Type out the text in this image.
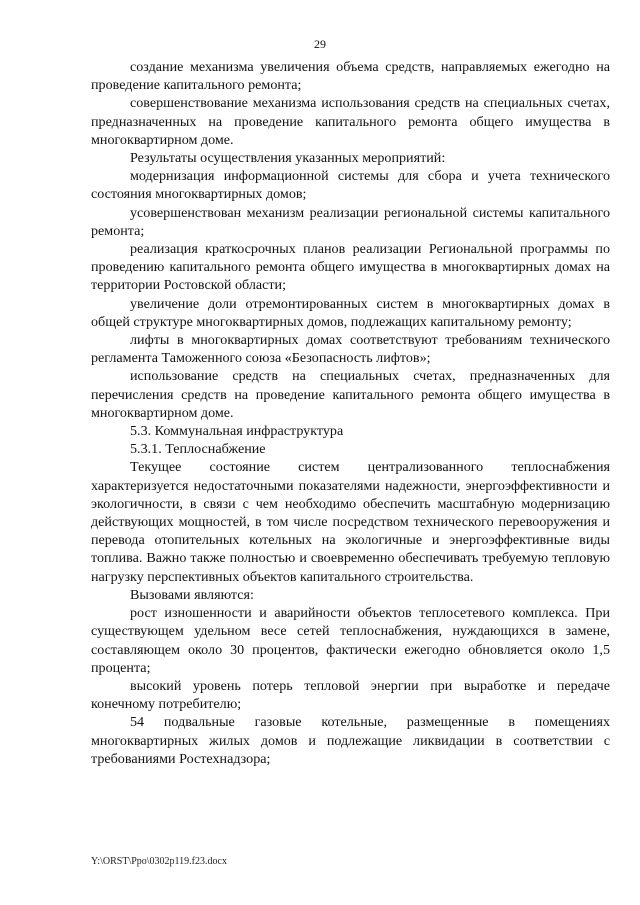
29

создание механизма увеличения объема средств, направляемых ежегодно на проведение капитального ремонта;

совершенствование механизма использования средств на специальных счетах, предназначенных на проведение капитального ремонта общего имущества в многоквартирном доме.

Результаты осуществления указанных мероприятий:

модернизация информационной системы для сбора и учета технического состояния многоквартирных домов;

усовершенствован механизм реализации региональной системы капитального ремонта;

реализация краткосрочных планов реализации Региональной программы по проведению капитального ремонта общего имущества в многоквартирных домах на территории Ростовской области;

увеличение доли отремонтированных систем в многоквартирных домах в общей структуре многоквартирных домов, подлежащих капитальному ремонту;

лифты в многоквартирных домах соответствуют требованиям технического регламента Таможенного союза «Безопасность лифтов»;

использование средств на специальных счетах, предназначенных для перечисления средств на проведение капитального ремонта общего имущества в многоквартирном доме.

5.3. Коммунальная инфраструктура

5.3.1. Теплоснабжение

Текущее состояние систем централизованного теплоснабжения характеризуется недостаточными показателями надежности, энергоэффективности и экологичности, в связи с чем необходимо обеспечить масштабную модернизацию действующих мощностей, в том числе посредством технического перевооружения и перевода отопительных котельных на экологичные и энергоэффективные виды топлива. Важно также полностью и своевременно обеспечивать требуемую тепловую нагрузку перспективных объектов капитального строительства.

Вызовами являются:

рост изношенности и аварийности объектов теплосетевого комплекса. При существующем удельном весе сетей теплоснабжения, нуждающихся в замене, составляющем около 30 процентов, фактически ежегодно обновляется около 1,5 процента;

высокий уровень потерь тепловой энергии при выработке и передаче конечному потребителю;

54 подвальные газовые котельные, размещенные в помещениях многоквартирных жилых домов и подлежащие ликвидации в соответствии с требованиями Ростехнадзора;

Y:\ORST\Ppo\0302p119.f23.docx
